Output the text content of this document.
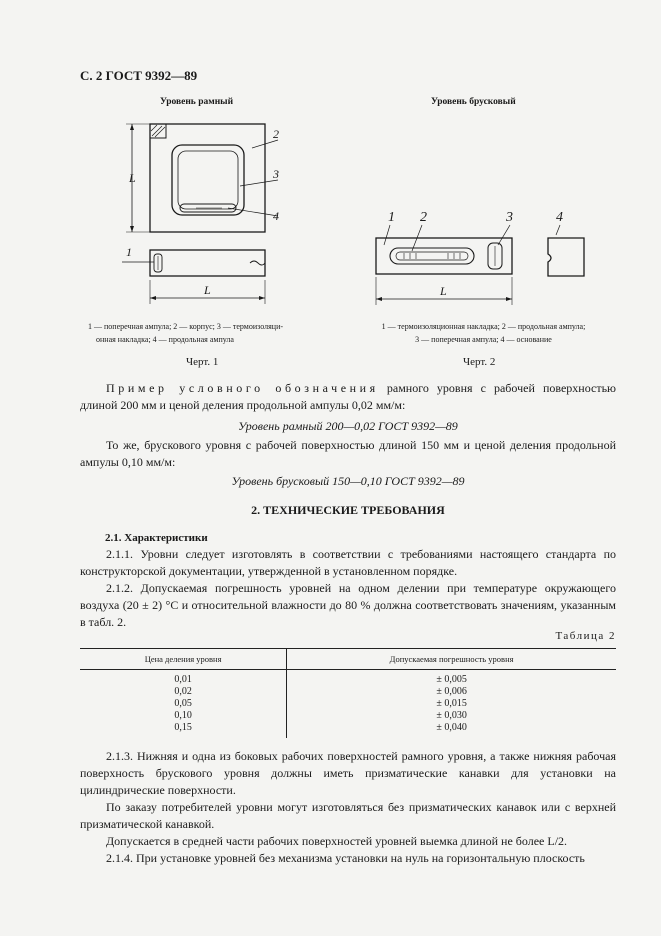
С. 2 ГОСТ 9392—89
Уровень рамный	Уровень брусковый
L
2
3
4
1
L
1 2	3	4
L
1 — поперечная ампула; 2 — корпус; 3 — термоизоляци-
онная накладка; 4 — продольная ампула
1 — термоизоляционная накладка; 2 — продольная ампула;
3 — поперечная ампула; 4 — основание
Черт. 1	Черт. 2

Пример условного обозначения рамного уровня с рабочей поверхностью длиной 200 мм и ценой деления продольной ампулы 0,02 мм/м:

Уровень рамный 200—0,02 ГОСТ 9392—89

То же, брускового уровня с рабочей поверхностью длиной 150 мм и ценой деления продольной ампулы 0,10 мм/м:

Уровень брусковый 150—0,10 ГОСТ 9392—89
2. ТЕХНИЧЕСКИЕ ТРЕБОВАНИЯ
2.1. Характеристики

2.1.1. Уровни следует изготовлять в соответствии с требованиями настоящего стандарта по конструкторской документации, утвержденной в установленном порядке.

2.1.2. Допускаемая погрешность уровней на одном делении при температуре окружающего воздуха (20 ± 2) °С и относительной влажности до 80 % должна соответствовать значениям, указанным в табл. 2.

Таблица 2
Цена деления уровня	Допускаемая погрешность уровня
0,01	± 0,005
0,02	± 0,006
0,05	± 0,015
0,10	± 0,030
0,15	± 0,040

2.1.3. Нижняя и одна из боковых рабочих поверхностей рамного уровня, а также нижняя рабочая поверхность брускового уровня должны иметь призматические канавки для установки на цилиндрические поверхности.

По заказу потребителей уровни могут изготовляться без призматических канавок или с верхней призматической канавкой.

Допускается в средней части рабочих поверхностей уровней выемка длиной не более L/2.

2.1.4. При установке уровней без механизма установки на нуль на горизонтальную плоскость
